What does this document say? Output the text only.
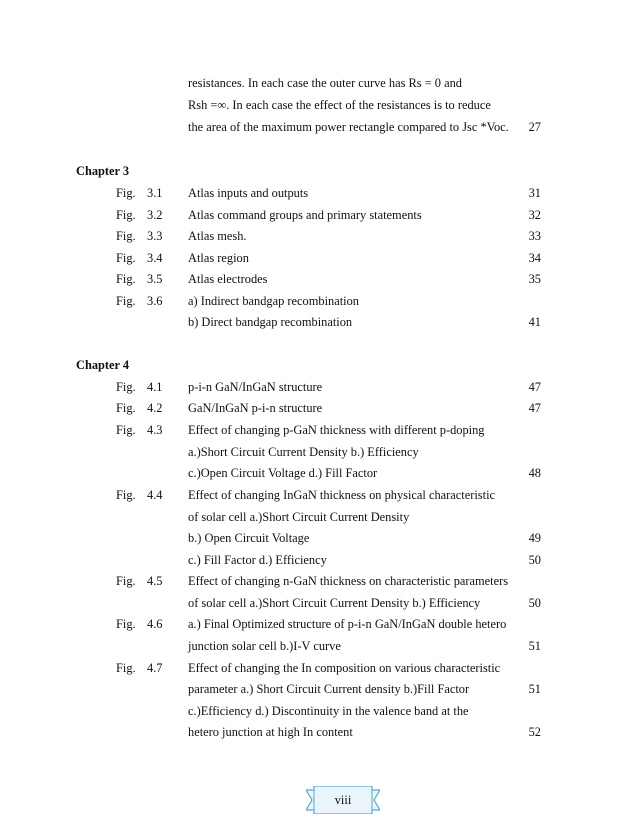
resistances. In each case the outer curve has Rs = 0 and
Rsh =∞. In each case the effect of the resistances is to reduce
the area of the maximum power rectangle compared to Jsc *Voc. 27
Chapter 3
Fig. 3.1 Atlas inputs and outputs	31
Fig. 3.2 Atlas command groups and primary statements	32
Fig. 3.3 Atlas mesh.	33
Fig. 3.4 Atlas region	34
Fig. 3.5 Atlas electrodes	35
Fig. 3.6 a) Indirect bandgap recombination
b) Direct bandgap recombination	41
Chapter 4
Fig. 4.1 p-i-n GaN/InGaN structure	47
Fig. 4.2 GaN/InGaN p-i-n structure	47
Fig. 4.3 Effect of changing p-GaN thickness with different p-doping
a.)Short Circuit Current Density b.) Efficiency
c.)Open Circuit Voltage d.) Fill Factor	48
Fig. 4.4 Effect of changing InGaN thickness on physical characteristic
of solar cell a.)Short Circuit Current Density
b.) Open Circuit Voltage	49
c.) Fill Factor d.) Efficiency	50
Fig. 4.5 Effect of changing n-GaN thickness on characteristic parameters
of solar cell a.)Short Circuit Current Density b.) Efficiency	50
Fig. 4.6 a.) Final Optimized structure of p-i-n GaN/InGaN double hetero
junction solar cell b.)I-V curve	51
Fig. 4.7 Effect of changing the In composition on various characteristic
parameter a.) Short Circuit Current density b.)Fill Factor	51
c.)Efficiency d.) Discontinuity in the valence band at the
hetero junction at high In content	52
viii
